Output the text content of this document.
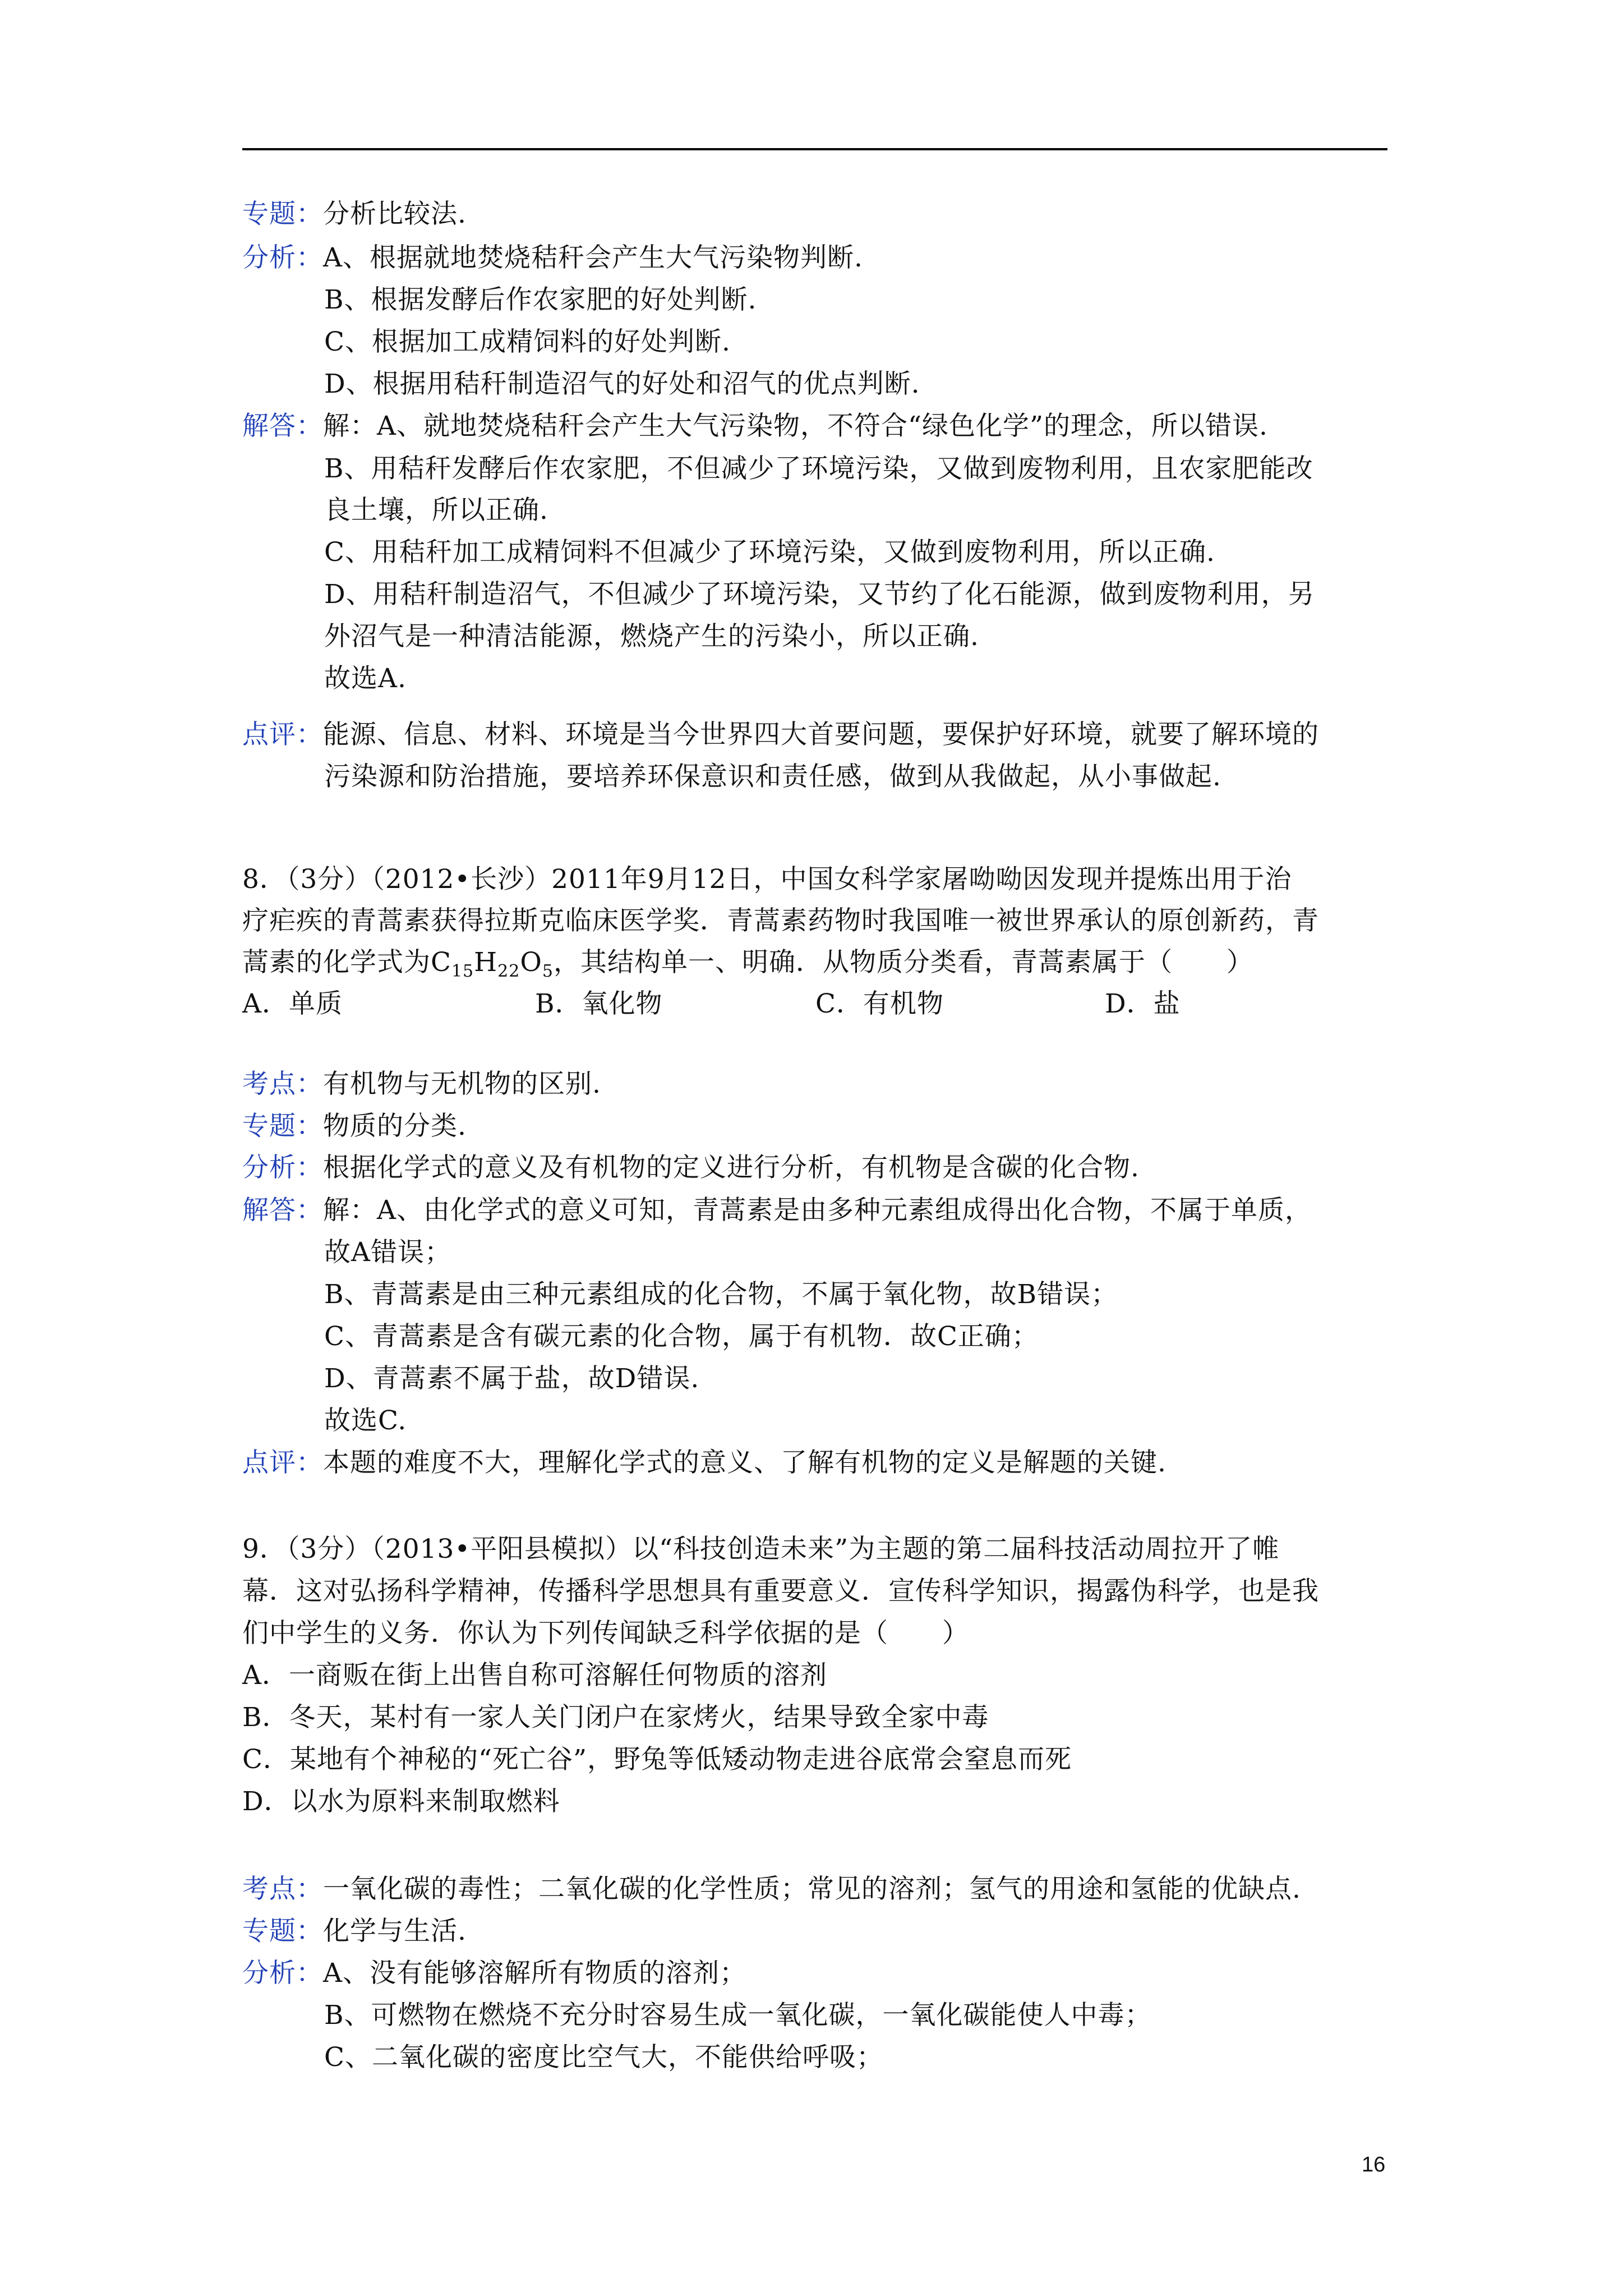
专题：分析比较法.
分析：A、根据就地焚烧秸秆会产生大气污染物判断.
B、根据发酵后作农家肥的好处判断.
C、根据加工成精饲料的好处判断.
D、根据用秸秆制造沼气的好处和沼气的优点判断.
解答：解：A、就地焚烧秸秆会产生大气污染物，不符合“绿色化学”的理念，所以错误.
B、用秸秆发酵后作农家肥，不但减少了环境污染，又做到废物利用，且农家肥能改
良土壤，所以正确.
C、用秸秆加工成精饲料不但减少了环境污染，又做到废物利用，所以正确.
D、用秸秆制造沼气，不但减少了环境污染，又节约了化石能源，做到废物利用，另
外沼气是一种清洁能源，燃烧产生的污染小，所以正确.
故选A.
点评：能源、信息、材料、环境是当今世界四大首要问题，要保护好环境，就要了解环境的
污染源和防治措施，要培养环保意识和责任感，做到从我做起，从小事做起.
8．（3分）（2012•长沙）2011年9月12日，中国女科学家屠呦呦因发现并提炼出用于治
疗疟疾的青蒿素获得拉斯克临床医学奖．青蒿素药物时我国唯一被世界承认的原创新药，青
蒿素的化学式为$C_{15}H_{22}O_5$，其结构单一、明确．从物质分类看，青蒿素属于（　　）
A．单质	B．氧化物	C．有机物	D．盐
考点：有机物与无机物的区别.
专题：物质的分类.
分析：根据化学式的意义及有机物的定义进行分析，有机物是含碳的化合物.
解答：解：A、由化学式的意义可知，青蒿素是由多种元素组成得出化合物，不属于单质，
故A错误；
B、青蒿素是由三种元素组成的化合物，不属于氧化物，故B错误；
C、青蒿素是含有碳元素的化合物，属于有机物．故C正确；
D、青蒿素不属于盐，故D错误.
故选C.
点评：本题的难度不大，理解化学式的意义、了解有机物的定义是解题的关键.
9．（3分）（2013•平阳县模拟）以“科技创造未来”为主题的第二届科技活动周拉开了帷
幕．这对弘扬科学精神，传播科学思想具有重要意义．宣传科学知识，揭露伪科学，也是我
们中学生的义务．你认为下列传闻缺乏科学依据的是（　　）
A．一商贩在街上出售自称可溶解任何物质的溶剂
B．冬天，某村有一家人关门闭户在家烤火，结果导致全家中毒
C．某地有个神秘的“死亡谷”，野兔等低矮动物走进谷底常会窒息而死
D．以水为原料来制取燃料
考点：一氧化碳的毒性；二氧化碳的化学性质；常见的溶剂；氢气的用途和氢能的优缺点.
专题：化学与生活.
分析：A、没有能够溶解所有物质的溶剂；
B、可燃物在燃烧不充分时容易生成一氧化碳，一氧化碳能使人中毒；
C、二氧化碳的密度比空气大，不能供给呼吸；
16
